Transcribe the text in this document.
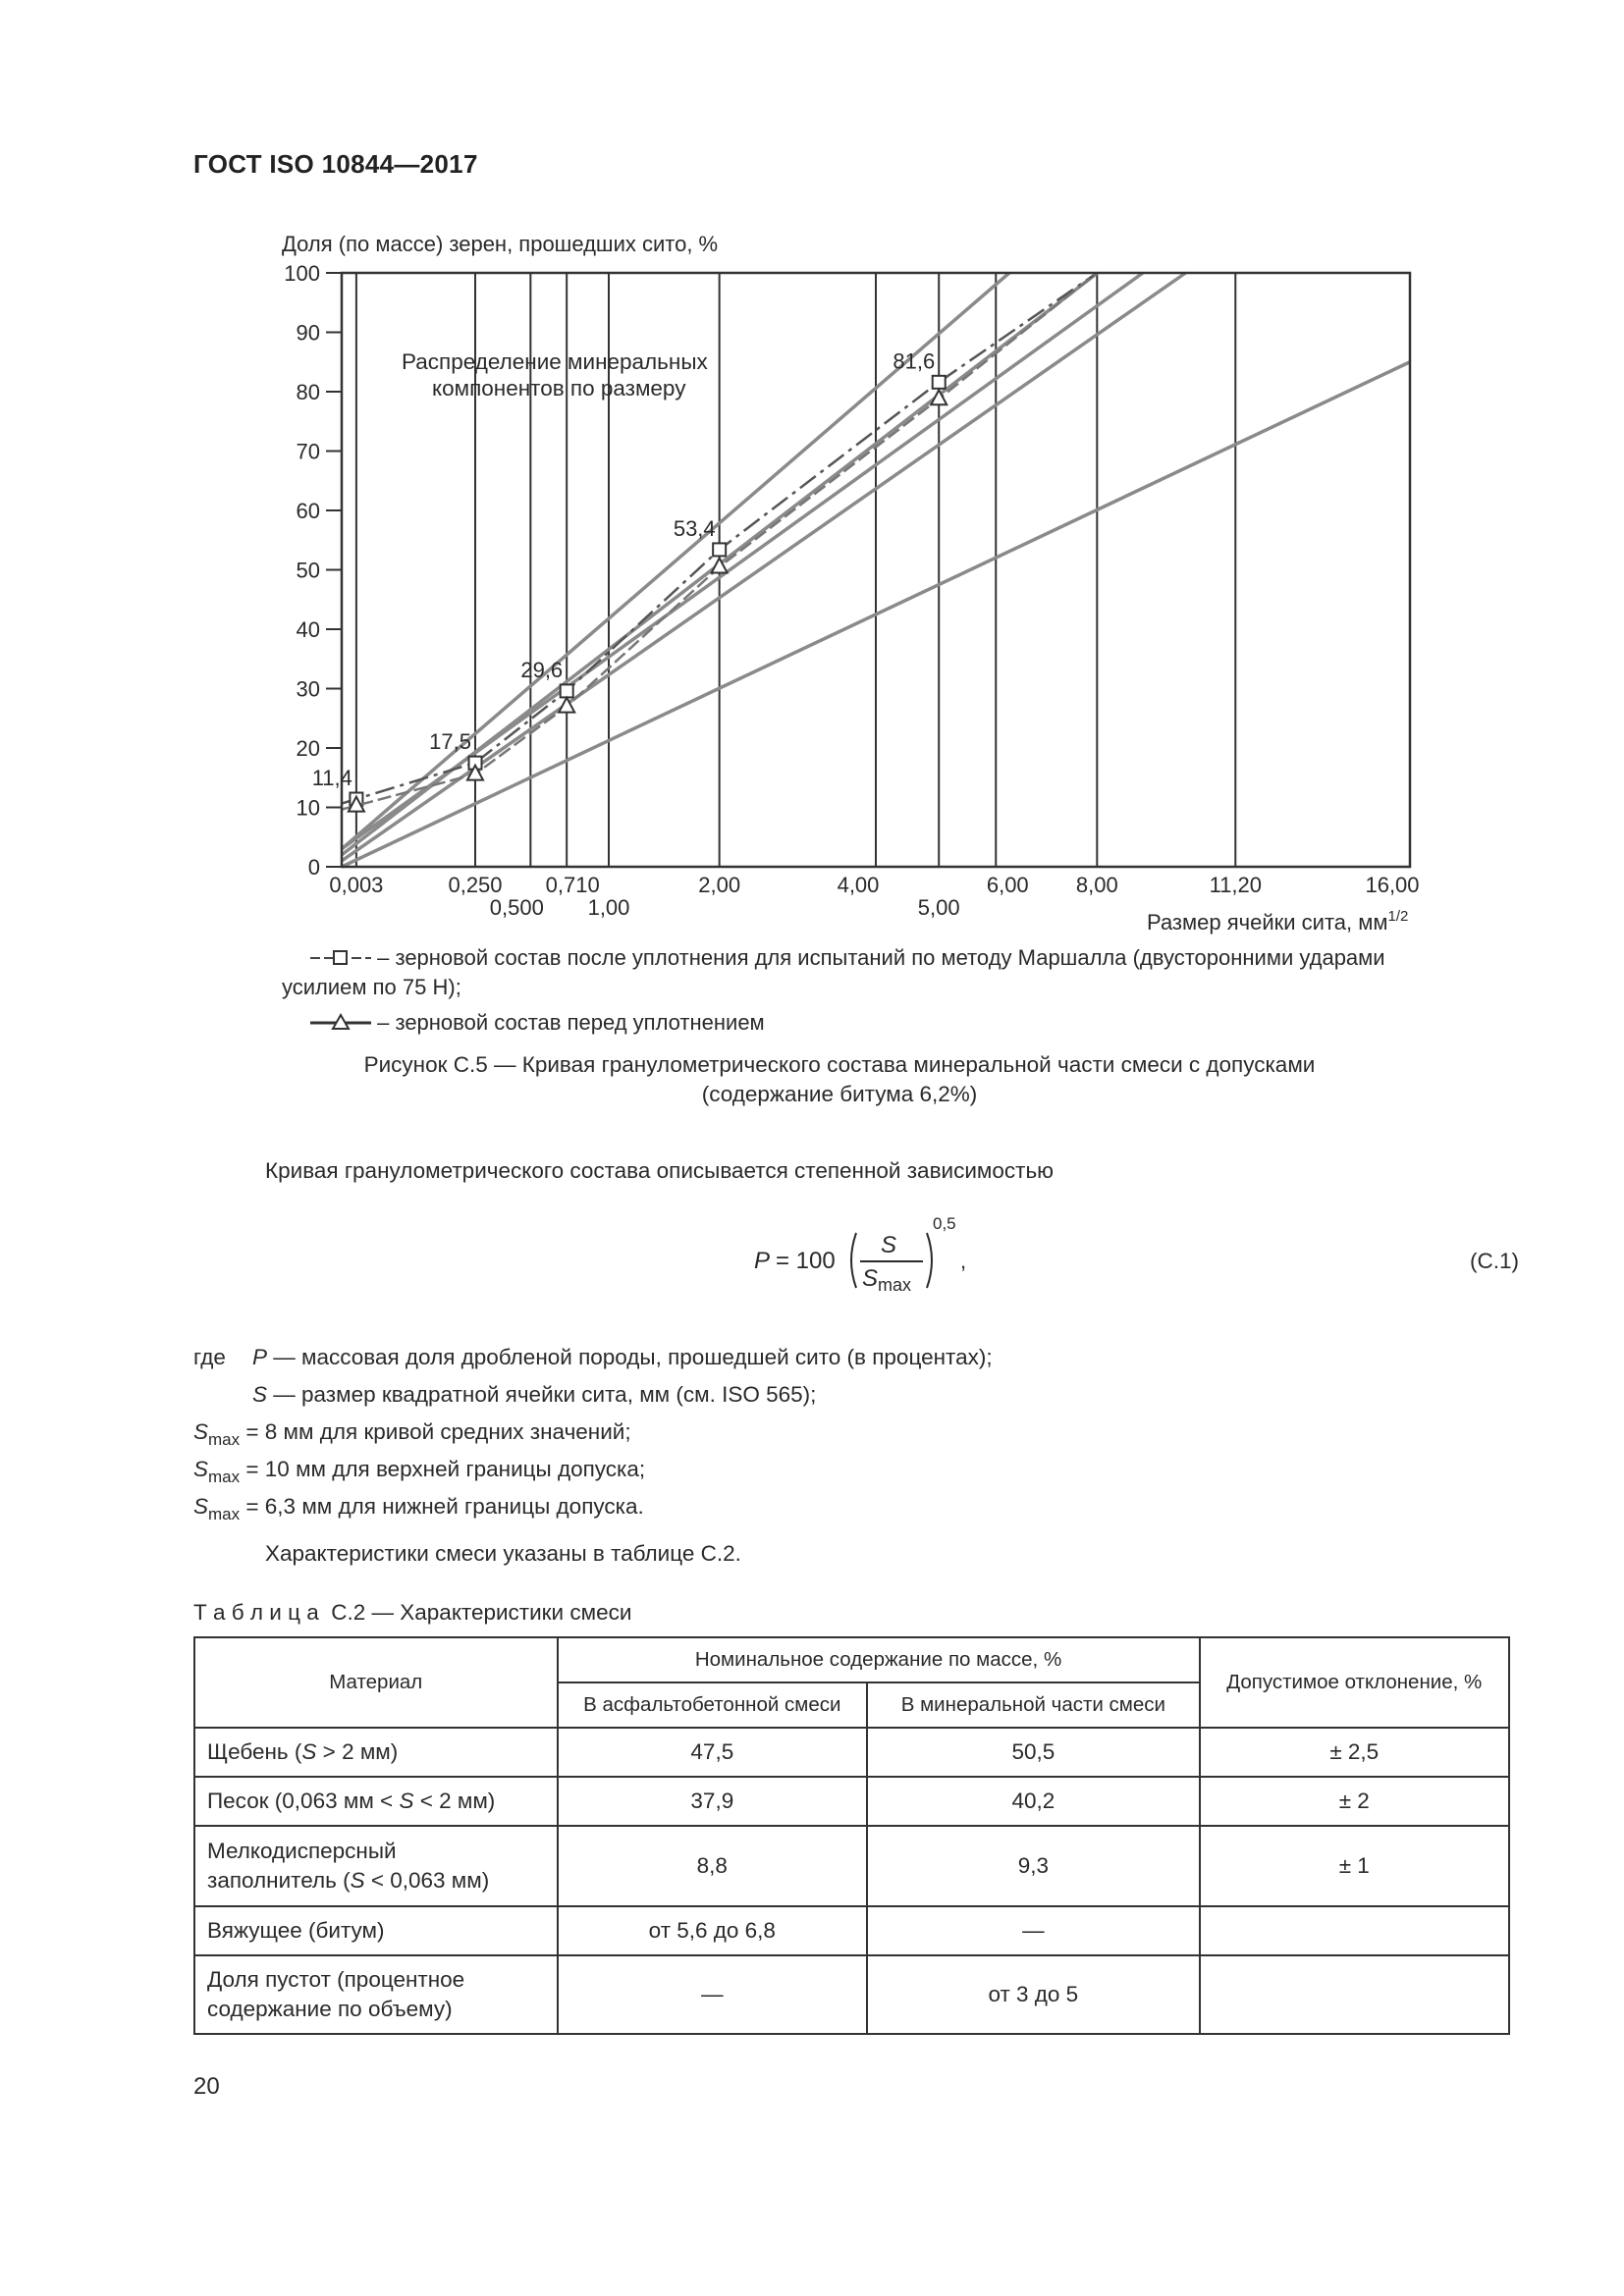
ГОСТ ISO 10844—2017
Доля (по массе) зерен, прошедших сито, %
0
10
20
30
40
50
60
70
80
90
100
0,003	0,250
0,500
0,710
1,00
2,00	4,00
5,00
6,00 8,00	11,20	16,00
11,4
17,5
29,6
53,4
81,6
Распределение минеральных
компонентов по размеру
Размер ячейки сита, $мм^{1/2}$
– зерновой состав после уплотнения для испытаний по методу Маршалла (двусторонними ударами
усилием по 75 Н);
– зерновой состав перед уплотнением
Рисунок C.5 — Кривая гранулометрического состава минеральной части смеси с допусками
(содержание битума 6,2%)
Кривая гранулометрического состава описывается степенной зависимостью
P = 100
S
$S_{max}$
0,5
,	(C.1)
где P — массовая доля дробленой породы, прошедшей сито (в процентах);
S — размер квадратной ячейки сита, мм (см. ISO 565);
$S_{max} = 8$ мм для кривой средних значений;
$S_{max} = 10$ мм для верхней границы допуска;
$S_{max} = 6,3$ мм для нижней границы допуска.
Характеристики смеси указаны в таблице C.2.
Т а б л и ц а  C.2 — Характеристики смеси
Материал	Номинальное содержание по массе, %		Допустимое отклонение, %
	В асфальтобетонной смеси	В минеральной части смеси	
Щебень (S > 2 мм)	47,5	50,5	± 2,5
Песок (0,063 мм < S < 2 мм)	37,9	40,2	± 2
Мелкодисперсный
заполнитель (S < 0,063 мм)	8,8	9,3	± 1
Вяжущее (битум)	от 5,6 до 6,8	—	
Доля пустот (процентное
содержание по объему)	—	от 3 до 5	
20
